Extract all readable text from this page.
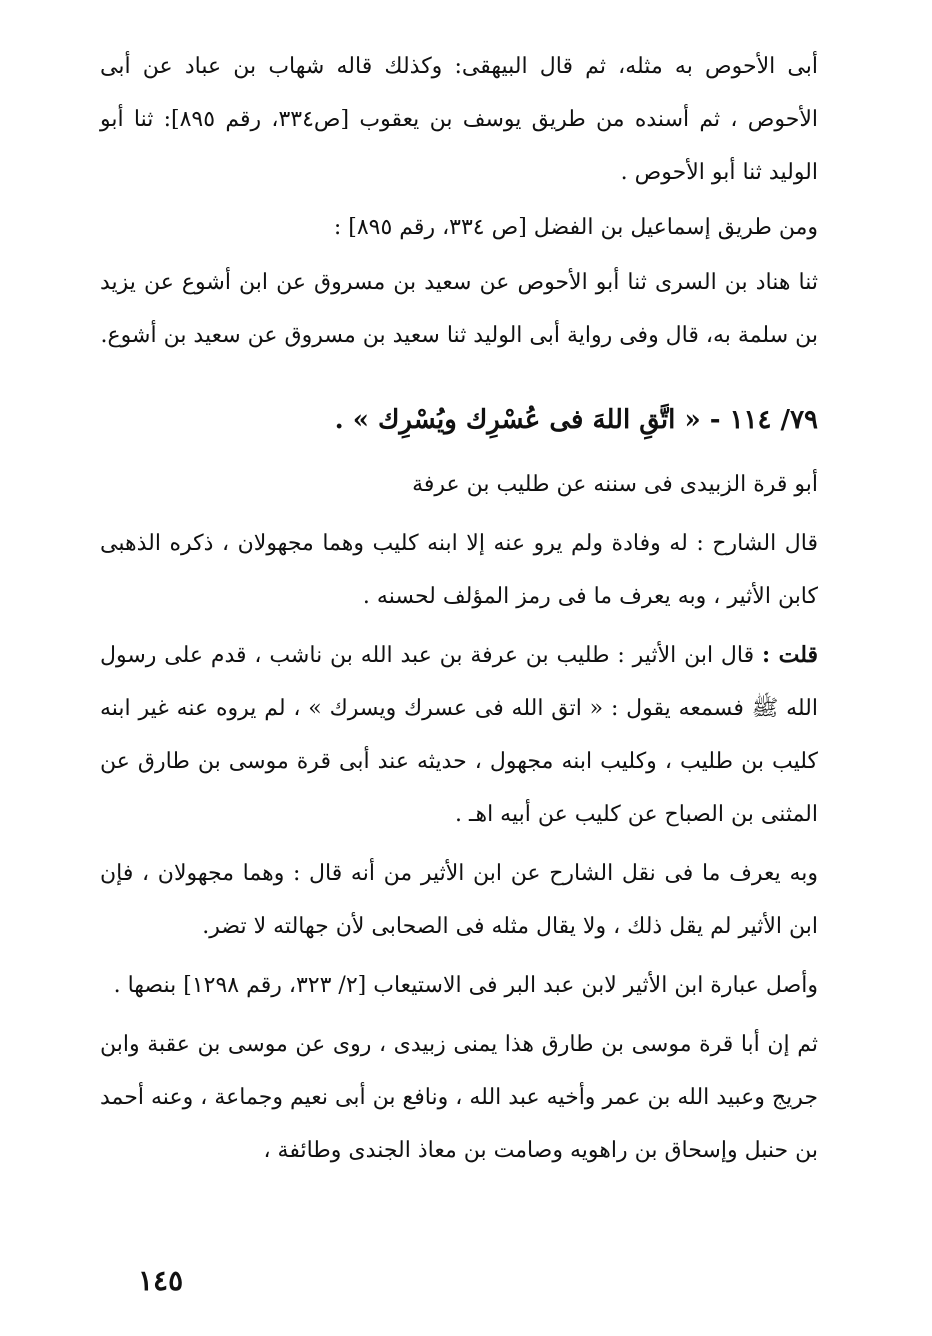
أبى الأحوص به مثله، ثم قال البيهقى: وكذلك قاله شهاب بن عباد عن أبى الأحوص ، ثم أسنده من طريق يوسف بن يعقوب [ص٣٣٤، رقم ٨٩٥]: ثنا أبو الوليد ثنا أبو الأحوص .

ومن طريق إسماعيل بن الفضل [ص ٣٣٤، رقم ٨٩٥] :

ثنا هناد بن السرى ثنا أبو الأحوص عن سعيد بن مسروق عن ابن أشوع عن يزيد بن سلمة به، قال وفى رواية أبى الوليد ثنا سعيد بن مسروق عن سعيد بن أشوع.

٧٩/ ١١٤ - « اتَّقِ اللهَ فى عُسْرِك ويُسْرِك » .

أبو قرة الزبيدى فى سننه عن طليب بن عرفة

قال الشارح : له وفادة ولم يرو عنه إلا ابنه كليب وهما مجهولان ، ذكره الذهبى كابن الأثير ، وبه يعرف ما فى رمز المؤلف لحسنه .

قلت : قال ابن الأثير : طليب بن عرفة بن عبد الله بن ناشب ، قدم على رسول الله ﷺ فسمعه يقول : « اتق الله فى عسرك ويسرك » ، لم يروه عنه غير ابنه كليب بن طليب ، وكليب ابنه مجهول ، حديثه عند أبى قرة موسى بن طارق عن المثنى بن الصباح عن كليب عن أبيه اهـ .

وبه يعرف ما فى نقل الشارح عن ابن الأثير من أنه قال : وهما مجهولان ، فإن ابن الأثير لم يقل ذلك ، ولا يقال مثله فى الصحابى لأن جهالته لا تضر.

وأصل عبارة ابن الأثير لابن عبد البر فى الاستيعاب [٢/ ٣٢٣، رقم ١٢٩٨] بنصها .

ثم إن أبا قرة موسى بن طارق هذا يمنى زبيدى ، روى عن موسى بن عقبة وابن جريج وعبيد الله بن عمر وأخيه عبد الله ، ونافع بن أبى نعيم وجماعة ، وعنه أحمد بن حنبل وإسحاق بن راهويه وصامت بن معاذ الجندى وطائفة ،

١٤٥
